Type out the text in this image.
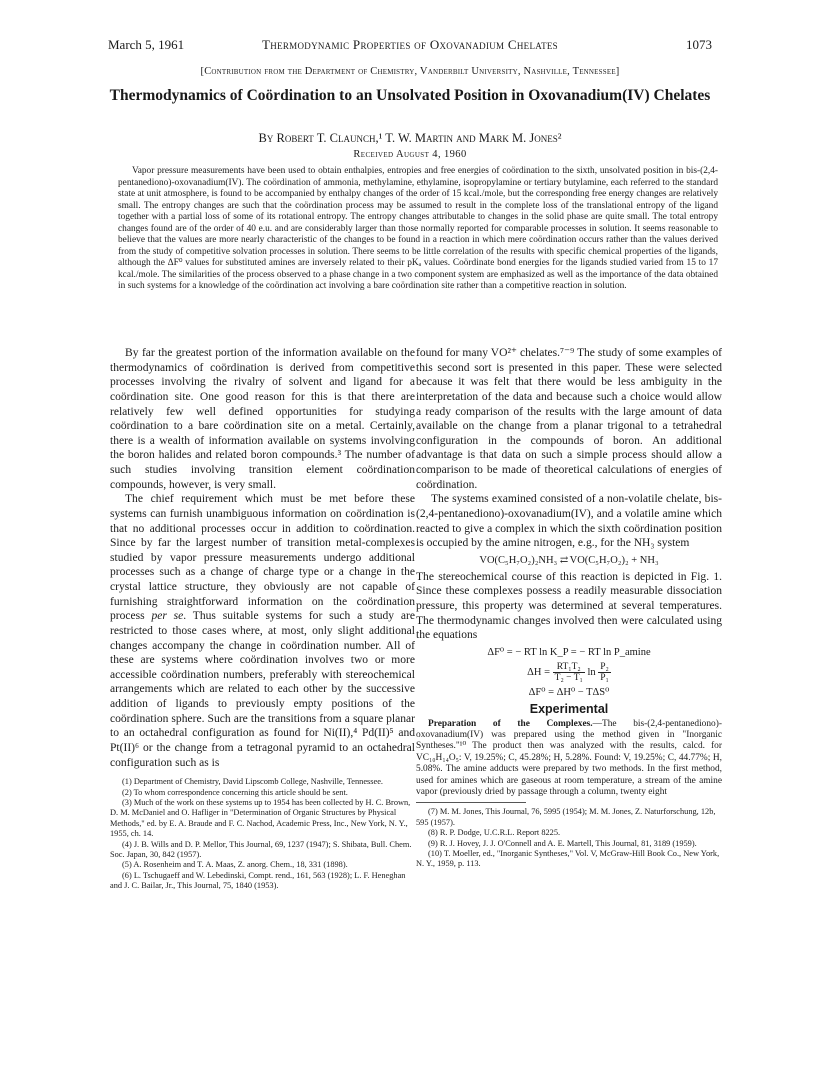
March 5, 1961	Thermodynamic Properties of Oxovanadium Chelates	1073
[Contribution from the Department of Chemistry, Vanderbilt University, Nashville, Tennessee]
Thermodynamics of Coördination to an Unsolvated Position in Oxovanadium(IV) Chelates
By Robert T. Claunch,¹ T. W. Martin and Mark M. Jones²
Received August 4, 1960
Vapor pressure measurements have been used to obtain enthalpies, entropies and free energies of coördination to the sixth, unsolvated position in bis-(2,4-pentanediono)-oxovanadium(IV). The coördination of ammonia, methylamine, ethylamine, isopropylamine or tertiary butylamine, each referred to the standard state at unit atmosphere, is found to be accompanied by enthalpy changes of the order of 15 kcal./mole, but the corresponding free energy changes are relatively small. The entropy changes are such that the coördination process may be assumed to result in the complete loss of the translational entropy of the ligand together with a partial loss of some of its rotational entropy. The entropy changes attributable to changes in the solid phase are quite small. The total entropy changes found are of the order of 40 e.u. and are considerably larger than those normally reported for comparable processes in solution. It seems reasonable to believe that the values are more nearly characteristic of the changes to be found in a reaction in which mere coördination occurs rather than the values derived from the study of competitive solvation processes in solution. There seems to be little correlation of the results with specific chemical properties of the ligands, although the ΔF⁰ values for substituted amines are inversely related to their pKₐ values. Coördinate bond energies for the ligands studied varied from 15 to 17 kcal./mole. The similarities of the process observed to a phase change in a two component system are emphasized as well as the importance of the data obtained in such systems for a knowledge of the coördination act involving a bare coördination site rather than a competitive reaction in solution.

By far the greatest portion of the information available on the thermodynamics of coördination is derived from competitive processes involving the rivalry of solvent and ligand for a coördination site. One good reason for this is that there are relatively few well defined opportunities for studying coördination to a bare coördination site on a metal. Certainly, there is a wealth of information available on systems involving the boron halides and related boron compounds.³ The number of such studies involving transition element coördination compounds, however, is very small.

The chief requirement which must be met before these systems can furnish unambiguous information on coördination is that no additional processes occur in addition to coördination. Since by far the largest number of transition metal-complexes studied by vapor pressure measurements undergo additional processes such as a change of charge type or a change in the crystal lattice structure, they obviously are not capable of furnishing straightforward information on the coördination process per se. Thus suitable systems for such a study are restricted to those cases where, at most, only slight additional changes accompany the change in coördination number. All of these are systems where coördination involves two or more accessible coördination numbers, preferably with stereochemical arrangements which are related to each other by the successive addition of ligands to previously empty positions of the coördination sphere. Such are the transitions from a square planar to an octahedral configuration as found for Ni(II),⁴ Pd(II)⁵ and Pt(II)⁶ or the change from a tetragonal pyramid to an octahedral configuration such as is

(1) Department of Chemistry, David Lipscomb College, Nashville, Tennessee.

(2) To whom correspondence concerning this article should be sent.

(3) Much of the work on these systems up to 1954 has been collected by H. C. Brown, D. M. McDaniel and O. Hafliger in "Determination of Organic Structures by Physical Methods," ed. by E. A. Braude and F. C. Nachod, Academic Press, Inc., New York, N. Y., 1955, ch. 14.

(4) J. B. Wills and D. P. Mellor, This Journal, 69, 1237 (1947); S. Shibata, Bull. Chem. Soc. Japan, 30, 842 (1957).

(5) A. Rosenheim and T. A. Maas, Z. anorg. Chem., 18, 331 (1898).

(6) L. Tschugaeff and W. Lebedinski, Compt. rend., 161, 563 (1928); L. F. Heneghan and J. C. Bailar, Jr., This Journal, 75, 1840 (1953).

found for many VO²⁺ chelates.⁷⁻⁹ The study of some examples of this second sort is presented in this paper. These were selected because it was felt that there would be less ambiguity in the interpretation of the data and because such a choice would allow a ready comparison of the results with the large amount of data available on the change from a planar trigonal to a tetrahedral configuration in the compounds of boron. An additional advantage is that data on such a simple process should allow a comparison to be made of theoretical calculations of energies of coördination.

The systems examined consisted of a non-volatile chelate, bis-(2,4-pentanediono)-oxovanadium(IV), and a volatile amine which reacted to give a complex in which the sixth coördination position is occupied by the amine nitrogen, e.g., for the NH₃ system

VO(C₅H₇O₂)₂NH₃ ⇄ VO(C₅H₇O₂)₂ + NH₃

The stereochemical course of this reaction is depicted in Fig. 1. Since these complexes possess a readily measurable dissociation pressure, this property was determined at several temperatures. The thermodynamic changes involved then were calculated using the equations

ΔF⁰ = − RT ln K_P = − RT ln P_amine
$\Delta H = \frac{\text{RT₁T₂}}{\text{T₂ − T₁}}$ $\ln \frac{\text{P₂}}{\text{P₁}}$
ΔF⁰ = ΔH⁰ − TΔS⁰
Experimental

Preparation of the Complexes.—The bis-(2,4-pentanediono)-oxovanadium(IV) was prepared using the method given in "Inorganic Syntheses."¹⁰ The product then was analyzed with the results, calcd. for VC₁₀H₁₄O₅: V, 19.25%; C, 45.28%; H, 5.28%. Found: V, 19.25%; C, 44.77%; H, 5.08%. The amine adducts were prepared by two methods. In the first method, used for amines which are gaseous at room temperature, a stream of the amine vapor (previously dried by passage through a column, twenty eight

(7) M. M. Jones, This Journal, 76, 5995 (1954); M. M. Jones, Z. Naturforschung, 12b, 595 (1957).

(8) R. P. Dodge, U.C.R.L. Report 8225.

(9) R. J. Hovey, J. J. O'Connell and A. E. Martell, This Journal, 81, 3189 (1959).

(10) T. Moeller, ed., "Inorganic Syntheses," Vol. V, McGraw-Hill Book Co., New York, N. Y., 1959, p. 113.
